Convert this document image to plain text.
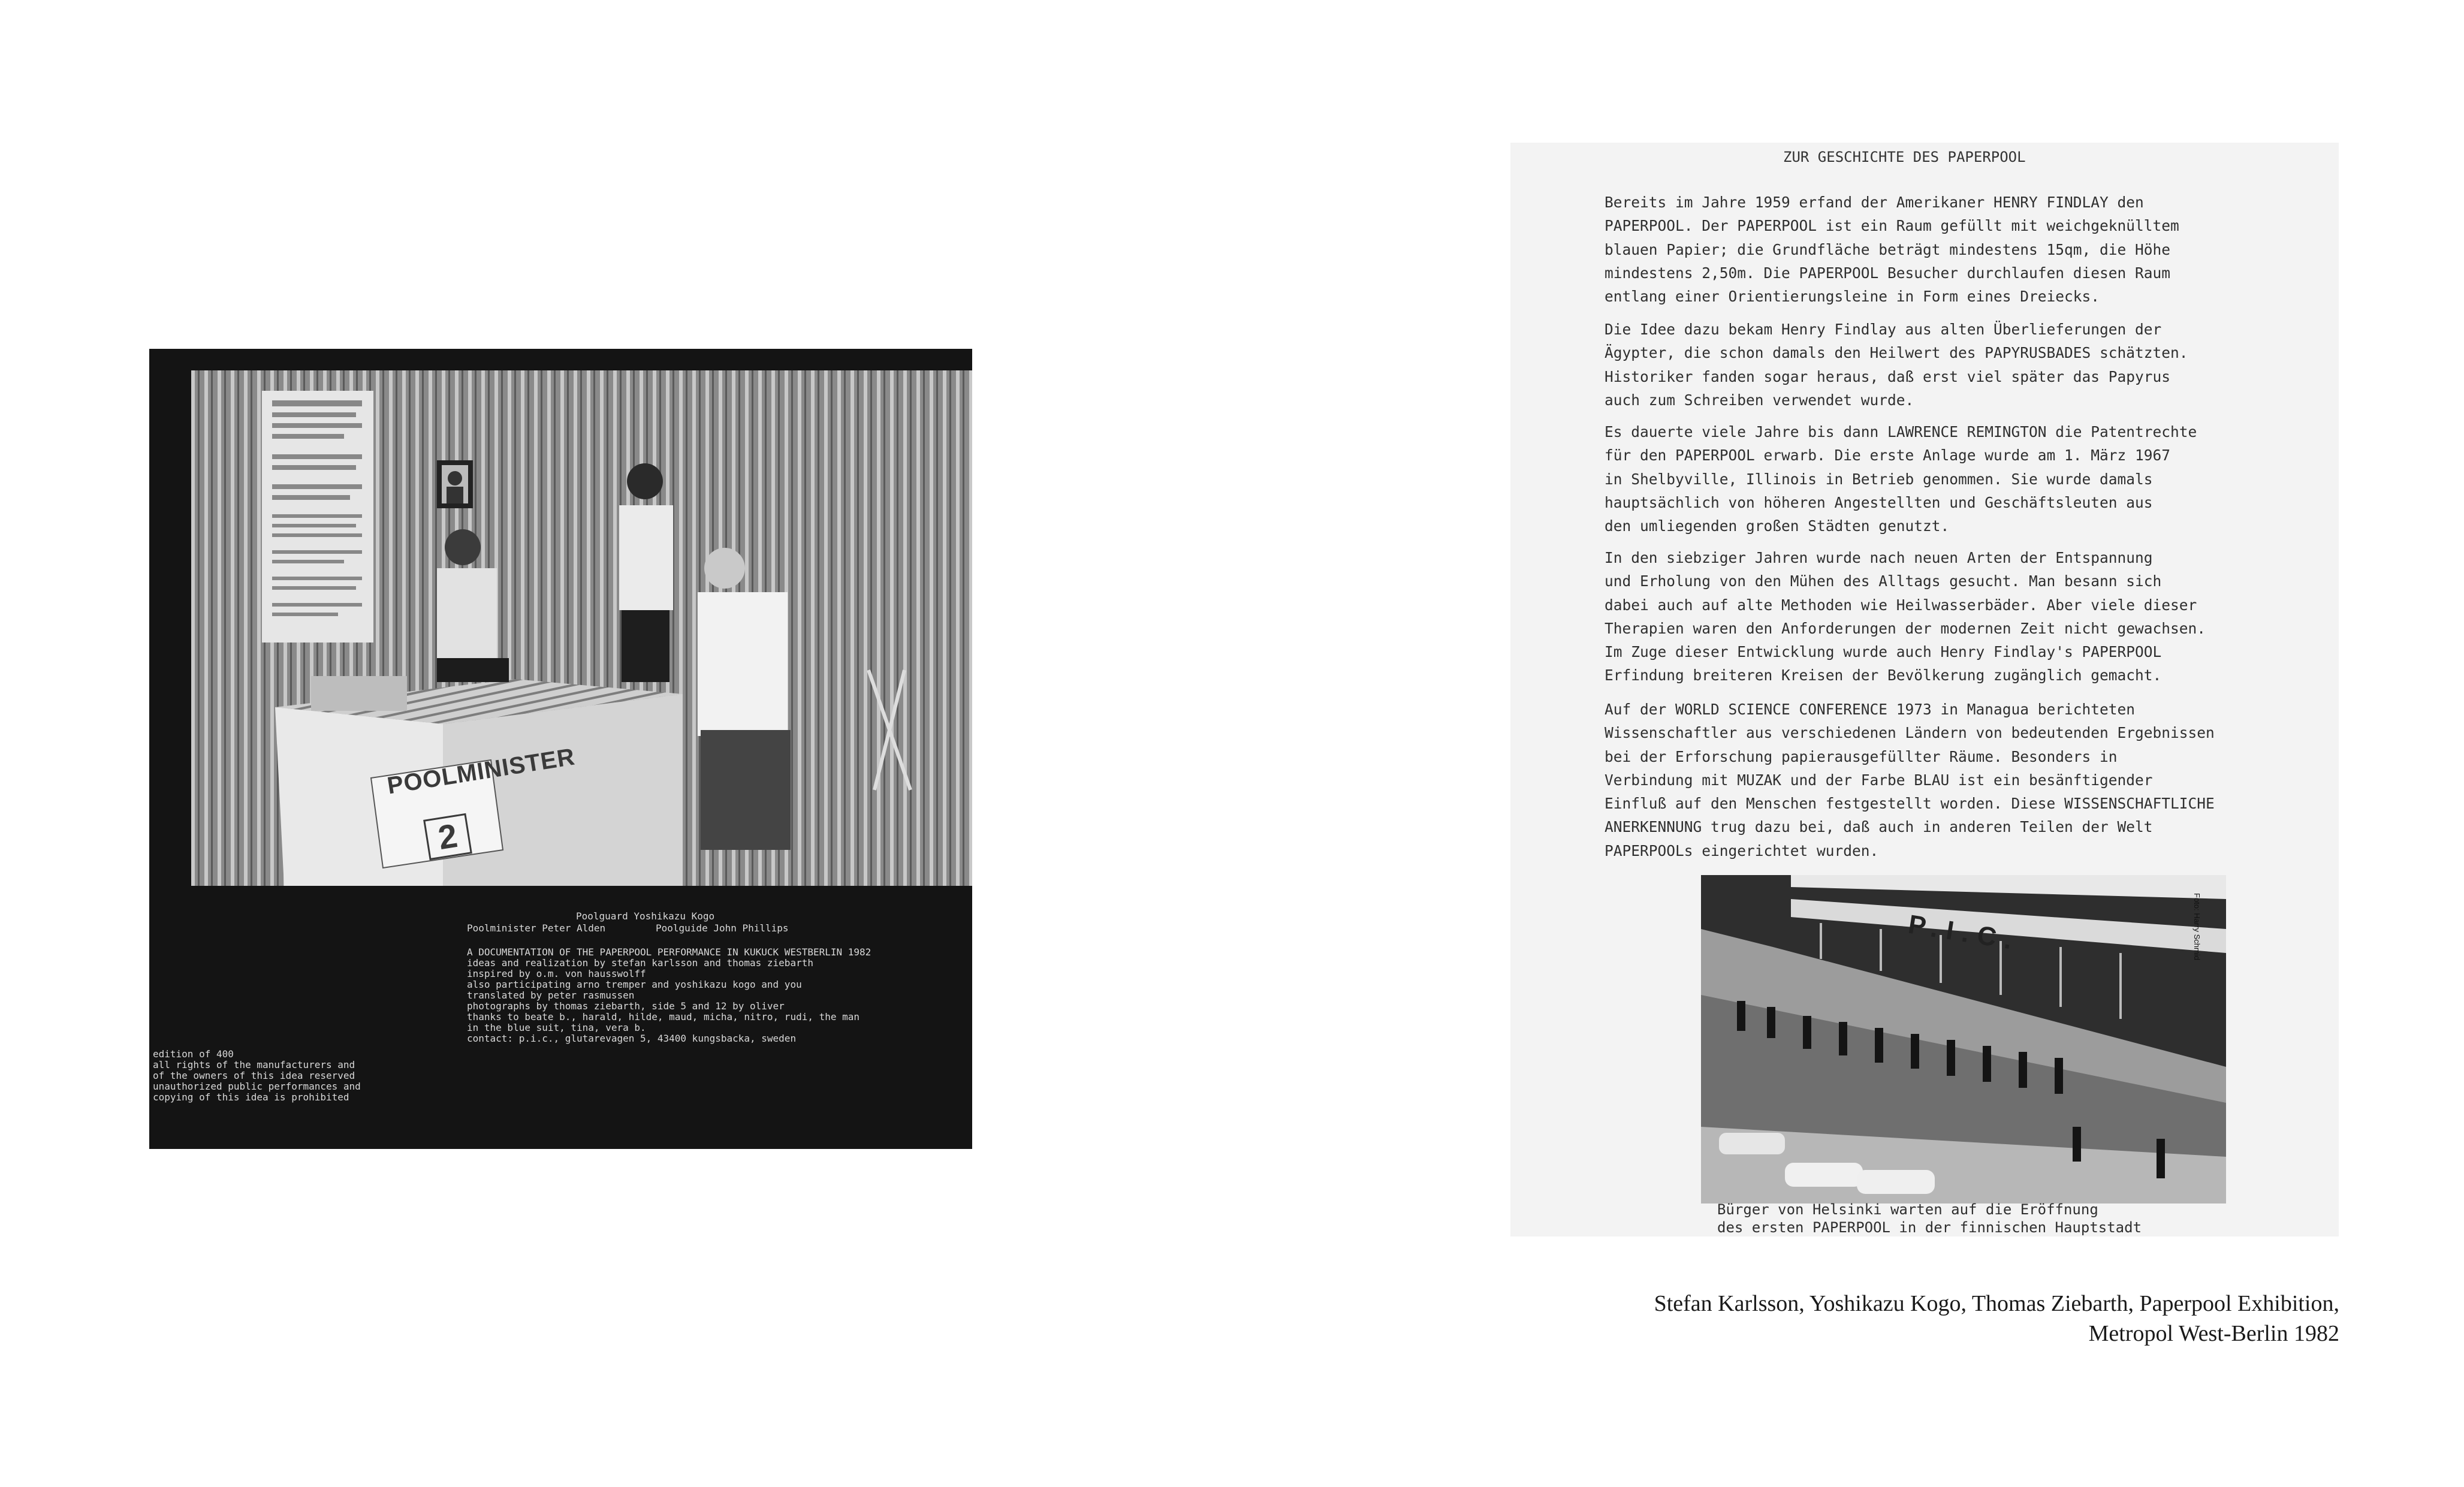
POOLMINISTER
2
Poolguard Yoshikazu Kogo
Poolminister Peter Alden	Poolguide John Phillips
A DOCUMENTATION OF THE PAPERPOOL PERFORMANCE IN KUKUCK WESTBERLIN 1982
ideas and realization by stefan karlsson and thomas ziebarth
inspired by o.m. von hausswolff
also participating arno tremper and yoshikazu kogo and you
translated by peter rasmussen
photographs by thomas ziebarth, side 5 and 12 by oliver
thanks to beate b., harald, hilde, maud, micha, nitro, rudi, the man
in the blue suit, tina, vera b.
contact: p.i.c., glutarevagen 5, 43400 kungsbacka, sweden
edition of 400
all rights of the manufacturers and
of the owners of this idea reserved
unauthorized public performances and
copying of this idea is prohibited
ZUR GESCHICHTE DES PAPERPOOL
Bereits im Jahre 1959 erfand der Amerikaner HENRY FINDLAY den
PAPERPOOL. Der PAPERPOOL ist ein Raum gefüllt mit weichgeknülltem
blauen Papier; die Grundfläche beträgt mindestens 15qm, die Höhe
mindestens 2,50m. Die PAPERPOOL Besucher durchlaufen diesen Raum
entlang einer Orientierungsleine in Form eines Dreiecks.
Die Idee dazu bekam Henry Findlay aus alten Überlieferungen der
Ägypter, die schon damals den Heilwert des PAPYRUSBADES schätzten.
Historiker fanden sogar heraus, daß erst viel später das Papyrus
auch zum Schreiben verwendet wurde.
Es dauerte viele Jahre bis dann LAWRENCE REMINGTON die Patentrechte
für den PAPERPOOL erwarb. Die erste Anlage wurde am 1. März 1967
in Shelbyville, Illinois in Betrieb genommen. Sie wurde damals
hauptsächlich von höheren Angestellten und Geschäftsleuten aus
den umliegenden großen Städten genutzt.
In den siebziger Jahren wurde nach neuen Arten der Entspannung
und Erholung von den Mühen des Alltags gesucht. Man besann sich
dabei auch auf alte Methoden wie Heilwasserbäder. Aber viele dieser
Therapien waren den Anforderungen der modernen Zeit nicht gewachsen.
Im Zuge dieser Entwicklung wurde auch Henry Findlay's PAPERPOOL
Erfindung breiteren Kreisen der Bevölkerung zugänglich gemacht.
Auf der WORLD SCIENCE CONFERENCE 1973 in Managua berichteten
Wissenschaftler aus verschiedenen Ländern von bedeutenden Ergebnissen
bei der Erforschung papierausgefüllter Räume. Besonders in
Verbindung mit MUZAK und der Farbe BLAU ist ein besänftigender
Einfluß auf den Menschen festgestellt worden. Diese WISSENSCHAFTLICHE
ANERKENNUNG trug dazu bei, daß auch in anderen Teilen der Welt
PAPERPOOLs eingerichtet wurden.
P.I.C.	Foto: Harry Schmid
Bürger von Helsinki warten auf die Eröffnung
des ersten PAPERPOOL in der finnischen Hauptstadt
Stefan Karlsson, Yoshikazu Kogo, Thomas Ziebarth, Paperpool Exhibition,
Metropol West-Berlin 1982
